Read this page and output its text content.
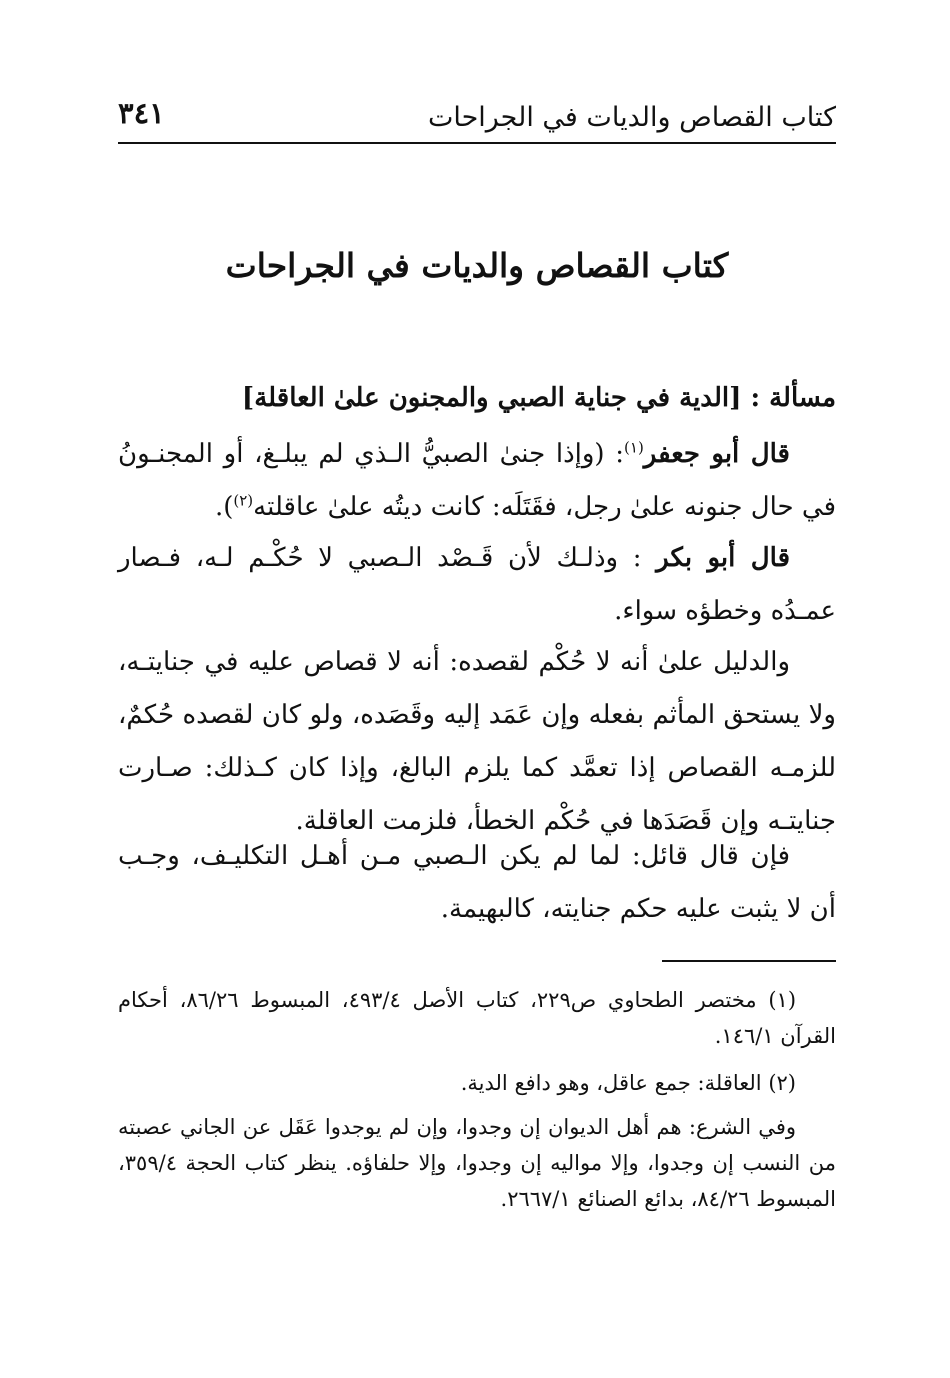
كتاب القصاص والديات في الجراحات
٣٤١
كتاب القصاص والديات في الجراحات
مسألة : [الدية في جناية الصبي والمجنون علىٰ العاقلة]
قال أبو جعفر$^{(١)}$: (وإذا جنىٰ الصبيُّ الـذي لم يبلـغ، أو المجنـونُ في حال جنونه علىٰ رجل، فقَتَلَه: كانت ديتُه علىٰ عاقلته$^{(٢)}$).
قال أبو بكر : وذلـك لأن قَـصْد الـصبي لا حُكْـم لـه، فـصار عمـدُه وخطؤه سواء.
والدليل علىٰ أنه لا حُكْم لقصده: أنه لا قصاص عليه في جنايتـه، ولا يستحق المأثم بفعله وإن عَمَد إليه وقَصَده، ولو كان لقصده حُكمٌ، للزمـه القصاص إذا تعمَّد كما يلزم البالغ، وإذا كان كـذلك: صـارت جنايتـه وإن قَصَدَها في حُكْم الخطأ، فلزمت العاقلة.
فإن قال قائل: لما لم يكن الـصبي مـن أهـل التكليـف، وجـب أن لا يثبت عليه حكم جنايته، كالبهيمة.
(١) مختصر الطحاوي ص٢٢٩، كتاب الأصل ٤٩٣/٤، المبسوط ٨٦/٢٦، أحكام القرآن ١٤٦/١.
(٢) العاقلة: جمع عاقل، وهو دافع الدية.
وفي الشرع: هم أهل الديوان إن وجدوا، وإن لم يوجدوا عَقَل عن الجاني عصبته من النسب إن وجدوا، وإلا مواليه إن وجدوا، وإلا حلفاؤه. ينظر كتاب الحجة ٣٥٩/٤، المبسوط ٨٤/٢٦، بدائع الصنائع ٢٦٦٧/١.
